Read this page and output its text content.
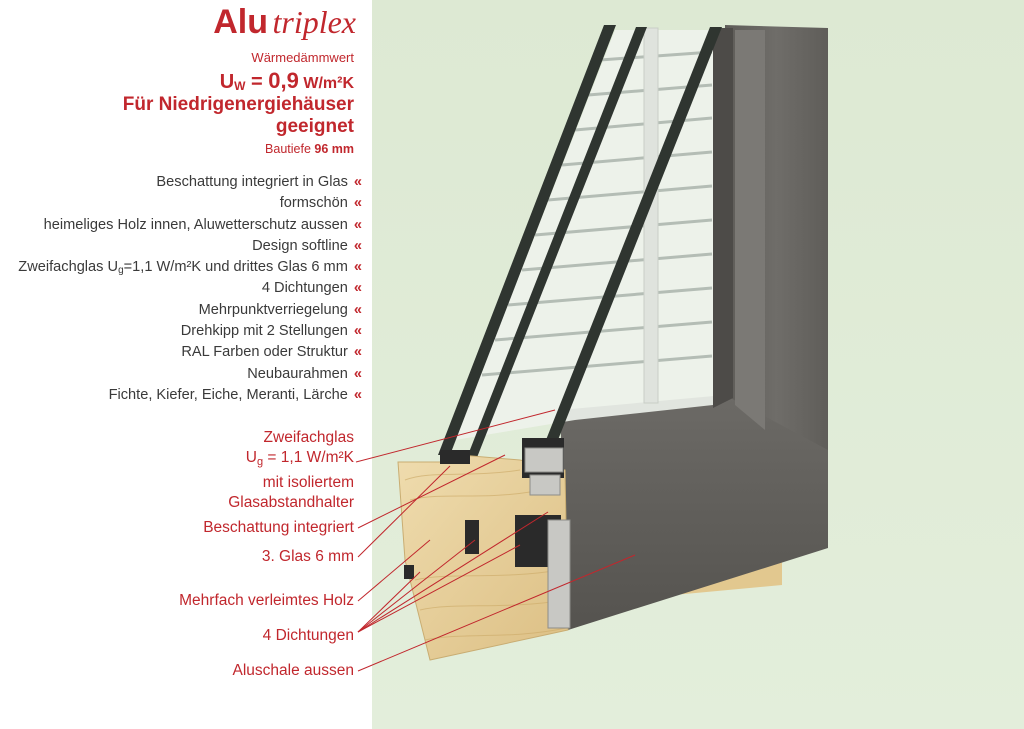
Alu triplex
Wärmedämmwert
UW = 0,9 W/m²K
Für Niedrigenergiehäuser
geeignet
Bautiefe 96 mm
Beschattung integriert in Glas «
formschön «
heimeliges Holz innen, Aluwetterschutz aussen «
Design softline «
Zweifachglas $U_g=1,1$ W/m²K und drittes Glas 6 mm «
4 Dichtungen «
Mehrpunktverriegelung «
Drehkipp mit 2 Stellungen «
RAL Farben oder Struktur «
Neubaurahmen «
Fichte, Kiefer, Eiche, Meranti, Lärche «
Zweifachglas
$U_g = 1,1$ W/m²K
mit isoliertem
Glasabstandhalter
Beschattung integriert
3. Glas 6 mm
Mehrfach verleimtes Holz
4 Dichtungen
Aluschale aussen
